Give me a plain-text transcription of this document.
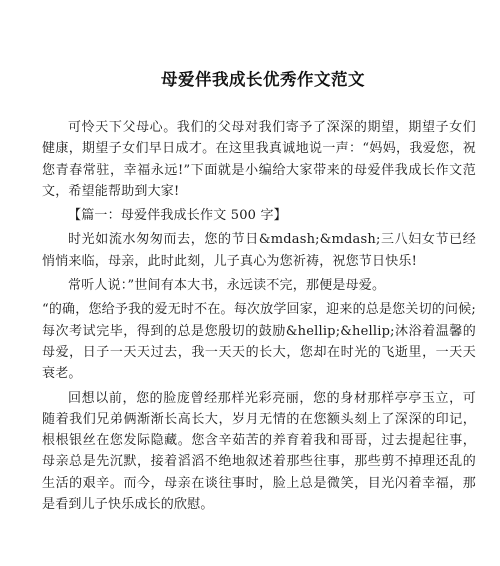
母爱伴我成长优秀作文范文

可怜天下父母心。我们的父母对我们寄予了深深的期望，期望子女们健康，期望子女们早日成才。在这里我真诚地说一声：“妈妈，我爱您，祝您青春常驻，幸福永远!”下面就是小编给大家带来的母爱伴我成长作文范文，希望能帮助到大家!

【篇一：母爱伴我成长作文 500 字】

时光如流水匆匆而去，您的节日&mdash;&mdash;三八妇女节已经悄悄来临，母亲，此时此刻，儿子真心为您祈祷，祝您节日快乐!

常听人说：”世间有本大书，永远读不完，那便是母爱。

“的确，您给予我的爱无时不在。每次放学回家，迎来的总是您关切的问候;每次考试完毕，得到的总是您殷切的鼓励&hellip;&hellip;沐浴着温馨的母爱，日子一天天过去，我一天天的长大，您却在时光的飞逝里，一天天衰老。

回想以前，您的脸庞曾经那样光彩亮丽，您的身材那样亭亭玉立，可随着我们兄弟俩渐渐长高长大，岁月无情的在您额头刻上了深深的印记，根根银丝在您发际隐藏。您含辛茹苦的养育着我和哥哥，过去提起往事，母亲总是先沉默，接着滔滔不绝地叙述着那些往事，那些剪不掉理还乱的生活的艰辛。而今，母亲在谈往事时，脸上总是微笑，目光闪着幸福，那是看到儿子快乐成长的欣慰。
